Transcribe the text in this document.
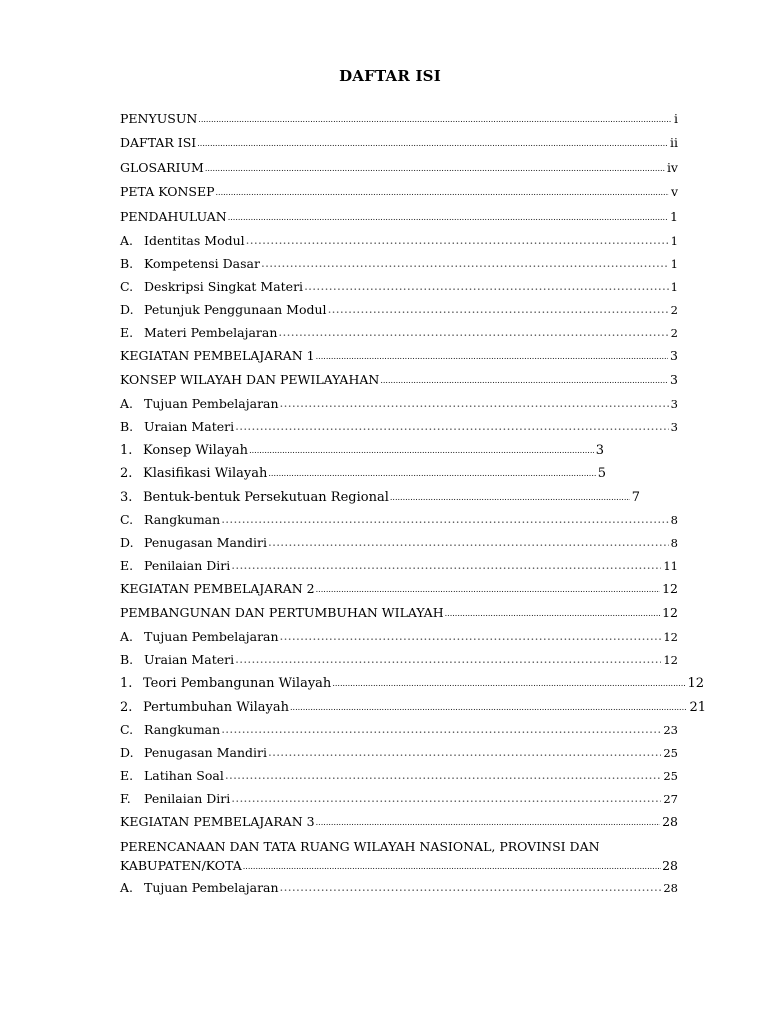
DAFTAR ISI
PENYUSUN .....	i
DAFTAR ISI .....	ii
GLOSARIUM .....	iv
PETA KONSEP .....	v
PENDAHULUAN .....	1
A. Identitas Modul .....	1
B. Kompetensi Dasar .....	1
C. Deskripsi Singkat Materi .....	1
D. Petunjuk Penggunaan Modul .....	2
E. Materi Pembelajaran .....	2
KEGIATAN PEMBELAJARAN 1 .....	3
KONSEP WILAYAH DAN PEWILAYAHAN .....	3
A. Tujuan Pembelajaran .....	3
B. Uraian Materi .....	3
1. Konsep Wilayah .....	3
2. Klasifikasi Wilayah .....	5
3. Bentuk-bentuk Persekutuan Regional .....	7
C. Rangkuman .....	8
D. Penugasan Mandiri .....	8
E. Penilaian Diri .....	11
KEGIATAN PEMBELAJARAN 2 .....	12
PEMBANGUNAN DAN PERTUMBUHAN WILAYAH .....	12
A. Tujuan Pembelajaran .....	12
B. Uraian Materi .....	12
1. Teori Pembangunan Wilayah .....	12
2. Pertumbuhan Wilayah .....	21
C. Rangkuman .....	23
D. Penugasan Mandiri .....	25
E. Latihan Soal .....	25
F. Penilaian Diri .....	27
KEGIATAN PEMBELAJARAN 3 .....	28
PERENCANAAN DAN TATA RUANG WILAYAH NASIONAL, PROVINSI DAN
KABUPATEN/KOTA .....	28
A. Tujuan Pembelajaran .....	28
